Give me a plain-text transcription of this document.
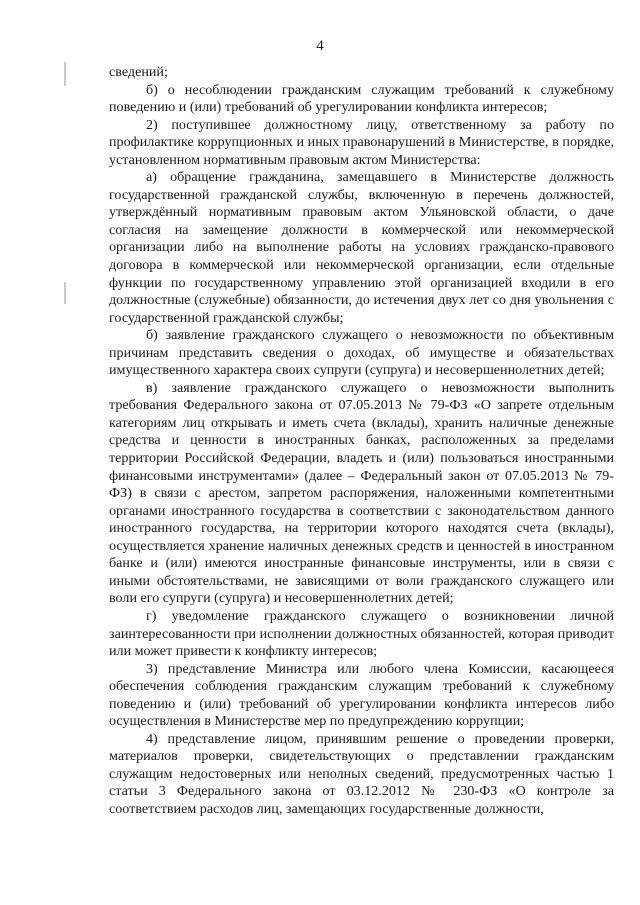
4

сведений;

б) о несоблюдении гражданским служащим требований к служебному поведению и (или) требований об урегулировании конфликта интересов;

2) поступившее должностному лицу, ответственному за работу по профилактике коррупционных и иных правонарушений в Министерстве, в порядке, установленном нормативным правовым актом Министерства:

а) обращение гражданина, замещавшего в Министерстве должность государственной гражданской службы, включенную в перечень должностей, утверждённый нормативным правовым актом Ульяновской области, о даче согласия на замещение должности в коммерческой или некоммерческой организации либо на выполнение работы на условиях гражданско-правового договора в коммерческой или некоммерческой организации, если отдельные функции по государственному управлению этой организацией входили в его должностные (служебные) обязанности, до истечения двух лет со дня увольнения с государственной гражданской службы;

б) заявление гражданского служащего о невозможности по объективным причинам представить сведения о доходах, об имуществе и обязательствах имущественного характера своих супруги (супруга) и несовершеннолетних детей;

в) заявление гражданского служащего о невозможности выполнить требования Федерального закона от 07.05.2013 № 79-ФЗ «О запрете отдельным категориям лиц открывать и иметь счета (вклады), хранить наличные денежные средства и ценности в иностранных банках, расположенных за пределами территории Российской Федерации, владеть и (или) пользоваться иностранными финансовыми инструментами» (далее – Федеральный закон от 07.05.2013 № 79-ФЗ) в связи с арестом, запретом распоряжения, наложенными компетентными органами иностранного государства в соответствии с законодательством данного иностранного государства, на территории которого находятся счета (вклады), осуществляется хранение наличных денежных средств и ценностей в иностранном банке и (или) имеются иностранные финансовые инструменты, или в связи с иными обстоятельствами, не зависящими от воли гражданского служащего или воли его супруги (супруга) и несовершеннолетних детей;

г) уведомление гражданского служащего о возникновении личной заинтересованности при исполнении должностных обязанностей, которая приводит или может привести к конфликту интересов;

3) представление Министра или любого члена Комиссии, касающееся обеспечения соблюдения гражданским служащим требований к служебному поведению и (или) требований об урегулировании конфликта интересов либо осуществления в Министерстве мер по предупреждению коррупции;

4) представление лицом, принявшим решение о проведении проверки, материалов проверки, свидетельствующих о представлении гражданским служащим недостоверных или неполных сведений, предусмотренных частью 1 статьи 3 Федерального закона от 03.12.2012 № 230-ФЗ «О контроле за соответствием расходов лиц, замещающих государственные должности,
